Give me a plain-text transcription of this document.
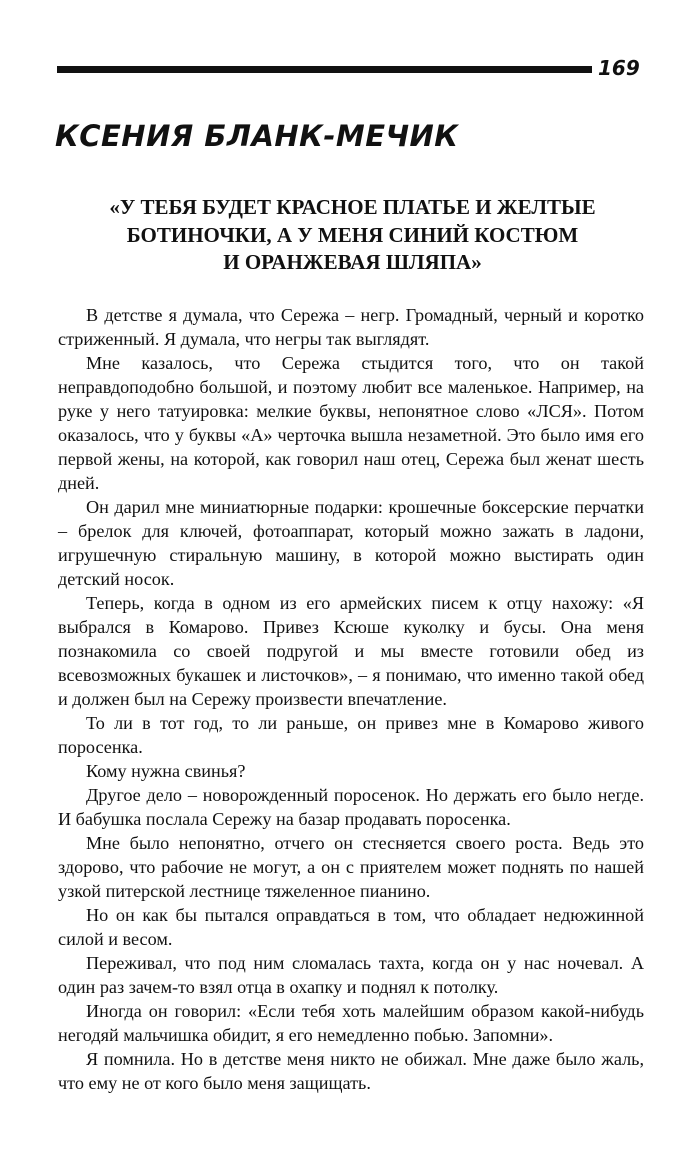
169
КСЕНИЯ БЛАНК-МЕЧИК
«У ТЕБЯ БУДЕТ КРАСНОЕ ПЛАТЬЕ И ЖЕЛТЫЕ
БОТИНОЧКИ, А У МЕНЯ СИНИЙ КОСТЮМ
И ОРАНЖЕВАЯ ШЛЯПА»

В детстве я думала, что Сережа – негр. Громадный, черный и коротко стриженный. Я думала, что негры так выглядят.

Мне казалось, что Сережа стыдится того, что он такой неправдоподобно большой, и поэтому любит все маленькое. Например, на руке у него татуировка: мелкие буквы, непонятное слово «ЛСЯ». Потом оказалось, что у буквы «А» черточка вышла незаметной. Это было имя его первой жены, на которой, как говорил наш отец, Сережа был женат шесть дней.

Он дарил мне миниатюрные подарки: крошечные боксерские перчатки – брелок для ключей, фотоаппарат, который можно зажать в ладони, игрушечную стиральную машину, в которой можно выстирать один детский носок.

Теперь, когда в одном из его армейских писем к отцу нахожу: «Я выбрался в Комарово. Привез Ксюше куколку и бусы. Она меня познакомила со своей подругой и мы вместе готовили обед из всевозможных букашек и листочков», – я понимаю, что именно такой обед и должен был на Сережу произвести впечатление.

То ли в тот год, то ли раньше, он привез мне в Комарово живого поросенка.

Кому нужна свинья?

Другое дело – новорожденный поросенок. Но держать его было негде. И бабушка послала Сережу на базар продавать поросенка.

Мне было непонятно, отчего он стесняется своего роста. Ведь это здорово, что рабочие не могут, а он с приятелем может поднять по нашей узкой питерской лестнице тяжеленное пианино.

Но он как бы пытался оправдаться в том, что обладает недюжинной силой и весом.

Переживал, что под ним сломалась тахта, когда он у нас ночевал. А один раз зачем-то взял отца в охапку и поднял к потолку.

Иногда он говорил: «Если тебя хоть малейшим образом какой-нибудь негодяй мальчишка обидит, я его немедленно побью. Запомни».

Я помнила. Но в детстве меня никто не обижал. Мне даже было жаль, что ему не от кого было меня защищать.
